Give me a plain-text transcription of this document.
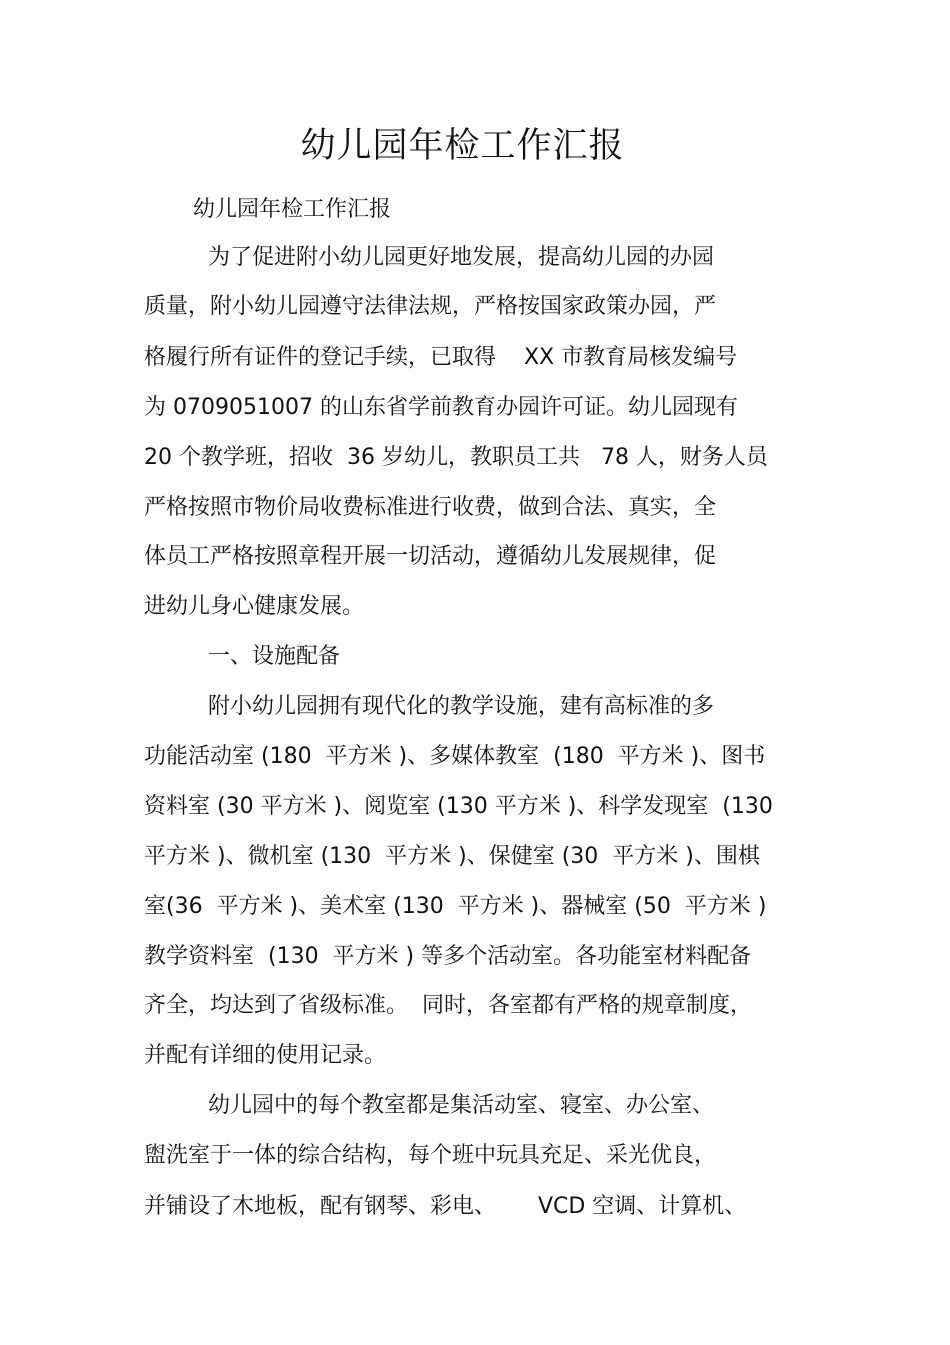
幼儿园年检工作汇报
幼儿园年检工作汇报
为了促进附小幼儿园更好地发展，提高幼儿园的办园
质量，附小幼儿园遵守法律法规，严格按国家政策办园，严
格履行所有证件的登记手续，已取得    XX 市教育局核发编号
为 0709051007 的山东省学前教育办园许可证。幼儿园现有
20 个教学班，招收  36 岁幼儿，教职员工共   78 人，财务人员
严格按照市物价局收费标准进行收费，做到合法、真实，全
体员工严格按照章程开展一切活动，遵循幼儿发展规律，促
进幼儿身心健康发展。
一、设施配备
附小幼儿园拥有现代化的教学设施，建有高标准的多
功能活动室 (180  平方米 )、多媒体教室  (180  平方米 )、图书
资料室 (30 平方米 )、阅览室 (130 平方米 )、科学发现室  (130
平方米 )、微机室 (130  平方米 )、保健室 (30  平方米 )、围棋
室(36  平方米 )、美术室 (130  平方米 )、器械室 (50  平方米 )
教学资料室  (130  平方米 ) 等多个活动室。各功能室材料配备
齐全，均达到了省级标准。  同时，各室都有严格的规章制度，
并配有详细的使用记录。
幼儿园中的每个教室都是集活动室、寝室、办公室、
盥洗室于一体的综合结构，每个班中玩具充足、采光优良，
并铺设了木地板，配有钢琴、彩电、      VCD 空调、计算机、
